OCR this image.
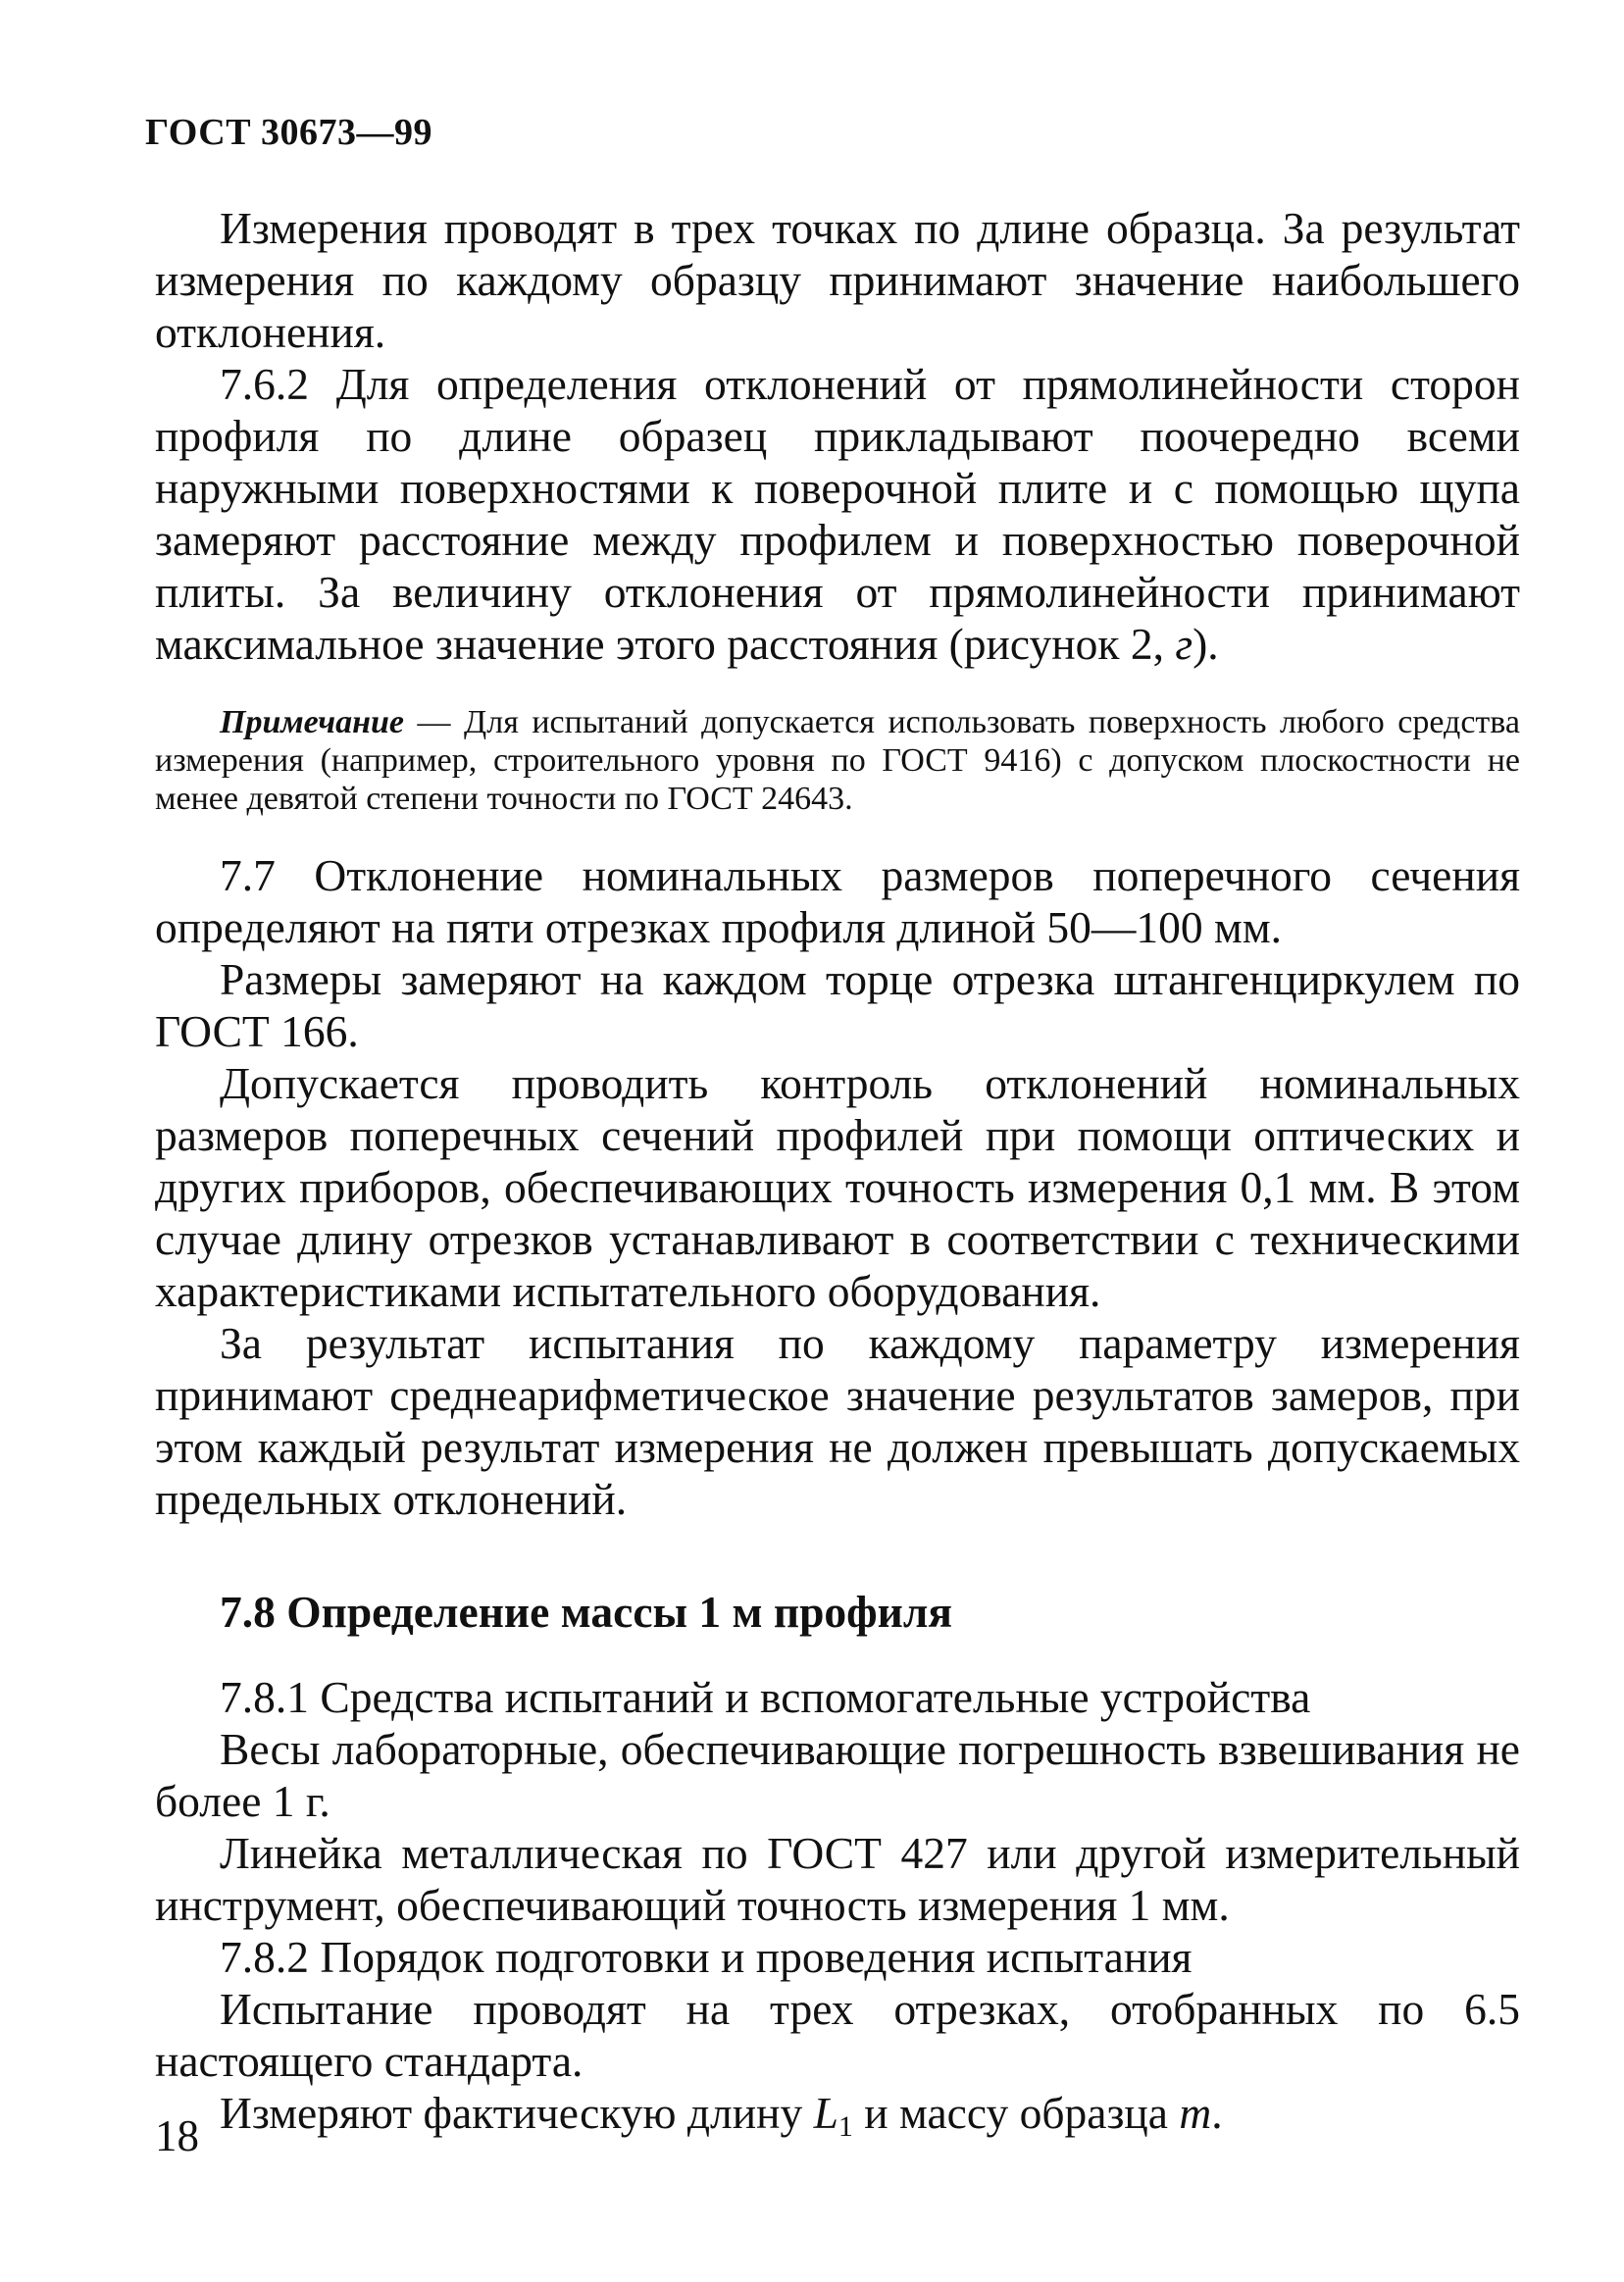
ГОСТ 30673—99

Измерения проводят в трех точках по длине образца. За результат измерения по каждому образцу принимают значение наибольшего отклонения.

7.6.2 Для определения отклонений от прямолинейности сторон профиля по длине образец прикладывают поочередно всеми наружными поверхностями к поверочной плите и с помощью щупа замеряют расстояние между профилем и поверхностью поверочной плиты. За величину отклонения от прямолинейности принимают максимальное значение этого расстояния (рисунок 2, г).

Примечание — Для испытаний допускается использовать поверхность любого средства измерения (например, строительного уровня по ГОСТ 9416) с допуском плоскостности не менее девятой степени точности по ГОСТ 24643.

7.7 Отклонение номинальных размеров поперечного сечения определяют на пяти отрезках профиля длиной 50—100 мм.

Размеры замеряют на каждом торце отрезка штангенциркулем по ГОСТ 166.

Допускается проводить контроль отклонений номинальных размеров поперечных сечений профилей при помощи оптических и других приборов, обеспечивающих точность измерения 0,1 мм. В этом случае длину отрезков устанавливают в соответствии с техническими характеристиками испытательного оборудования.

За результат испытания по каждому параметру измерения принимают среднеарифметическое значение результатов замеров, при этом каждый результат измерения не должен превышать допускаемых предельных отклонений.

7.8 Определение массы 1 м профиля

7.8.1 Средства испытаний и вспомогательные устройства

Весы лабораторные, обеспечивающие погрешность взвешивания не более 1 г.

Линейка металлическая по ГОСТ 427 или другой измерительный инструмент, обеспечивающий точность измерения 1 мм.

7.8.2 Порядок подготовки и проведения испытания

Испытание проводят на трех отрезках, отобранных по 6.5 настоящего стандарта.

Измеряют фактическую длину $L_1$ и массу образца m.

18
